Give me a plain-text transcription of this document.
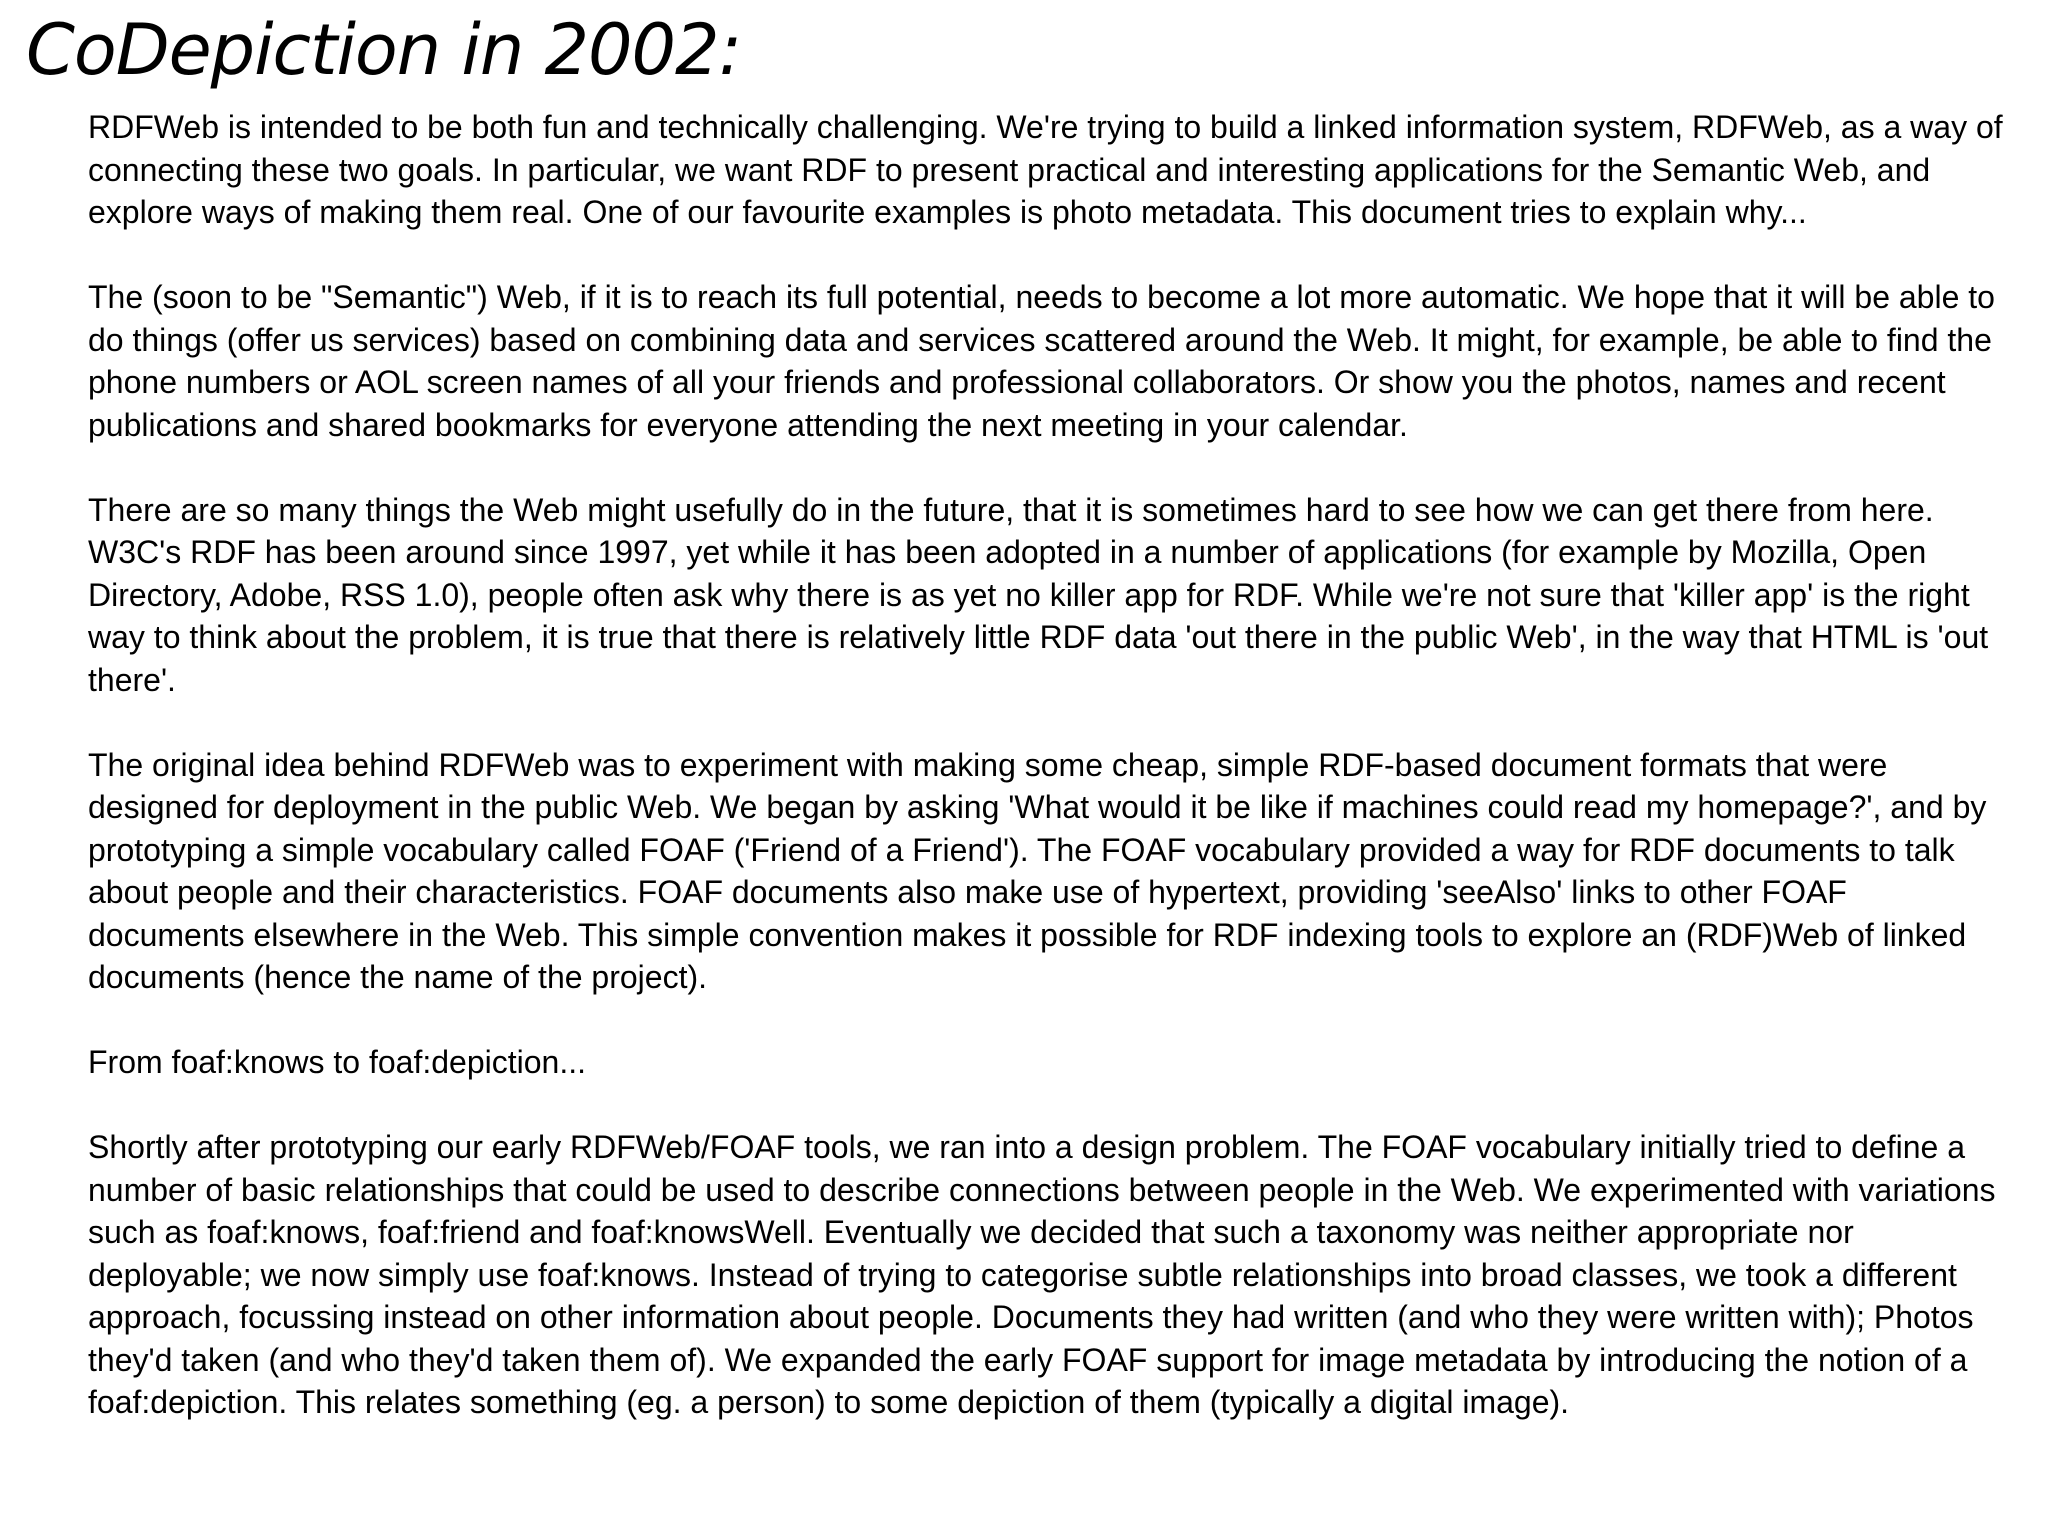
CoDepiction in 2002:

RDFWeb is intended to be both fun and technically challenging. We're trying to build a linked information system, RDFWeb, as a way of connecting these two goals. In particular, we want RDF to present practical and interesting applications for the Semantic Web, and explore ways of making them real. One of our favourite examples is photo metadata. This document tries to explain why...

The (soon to be "Semantic") Web, if it is to reach its full potential, needs to become a lot more automatic. We hope that it will be able to do things (offer us services) based on combining data and services scattered around the Web. It might, for example, be able to find the phone numbers or AOL screen names of all your friends and professional collaborators. Or show you the photos, names and recent publications and shared bookmarks for everyone attending the next meeting in your calendar.

There are so many things the Web might usefully do in the future, that it is sometimes hard to see how we can get there from here. W3C's RDF has been around since 1997, yet while it has been adopted in a number of applications (for example by Mozilla, Open Directory, Adobe, RSS 1.0), people often ask why there is as yet no killer app for RDF. While we're not sure that 'killer app' is the right way to think about the problem, it is true that there is relatively little RDF data 'out there in the public Web', in the way that HTML is 'out there'.

The original idea behind RDFWeb was to experiment with making some cheap, simple RDF-based document formats that were designed for deployment in the public Web. We began by asking 'What would it be like if machines could read my homepage?', and by prototyping a simple vocabulary called FOAF ('Friend of a Friend'). The FOAF vocabulary provided a way for RDF documents to talk about people and their characteristics. FOAF documents also make use of hypertext, providing 'seeAlso' links to other FOAF documents elsewhere in the Web. This simple convention makes it possible for RDF indexing tools to explore an (RDF)Web of linked documents (hence the name of the project).

From foaf:knows to foaf:depiction...

Shortly after prototyping our early RDFWeb/FOAF tools, we ran into a design problem. The FOAF vocabulary initially tried to define a number of basic relationships that could be used to describe connections between people in the Web. We experimented with variations such as foaf:knows, foaf:friend and foaf:knowsWell. Eventually we decided that such a taxonomy was neither appropriate nor deployable; we now simply use foaf:knows. Instead of trying to categorise subtle relationships into broad classes, we took a different approach, focussing instead on other information about people. Documents they had written (and who they were written with); Photos they'd taken (and who they'd taken them of). We expanded the early FOAF support for image metadata by introducing the notion of a foaf:depiction. This relates something (eg. a person) to some depiction of them (typically a digital image).
